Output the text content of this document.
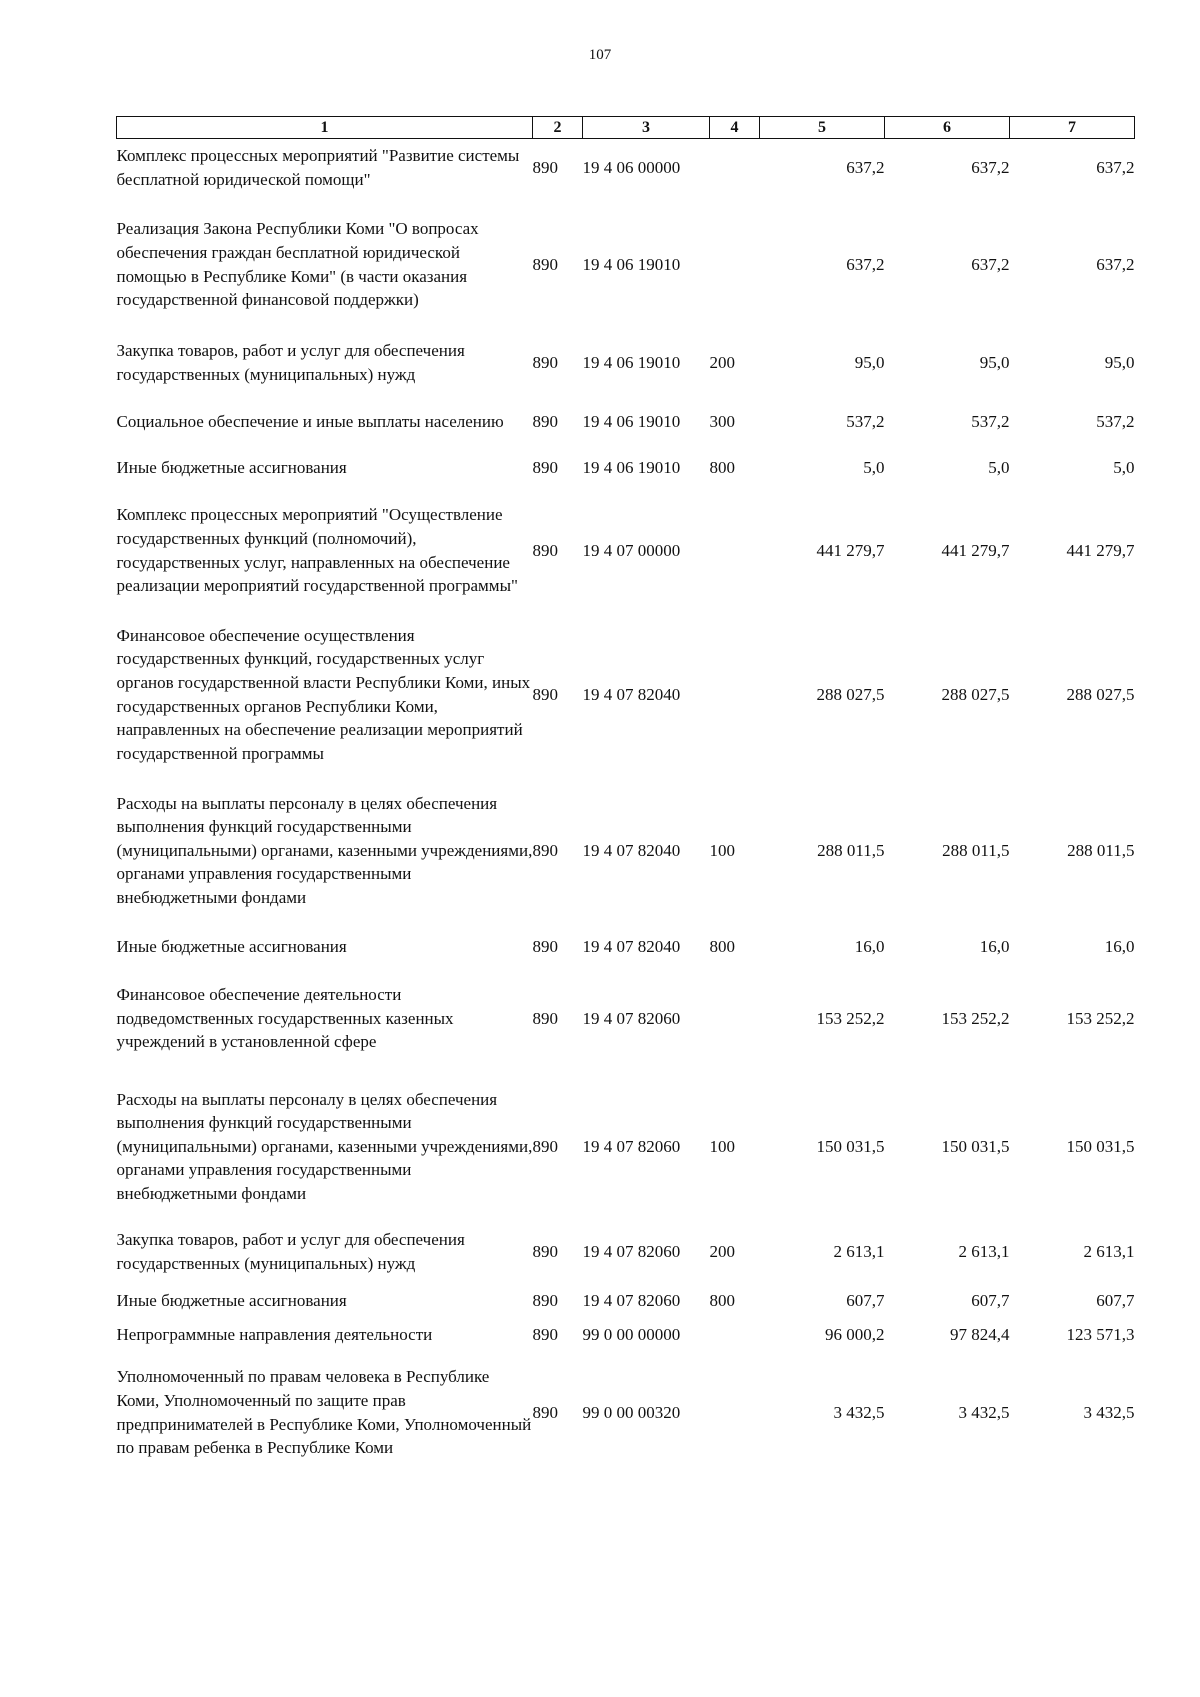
107
1	2	3	4	5	6	7
Комплекс процессных мероприятий "Развитие системы бесплатной юридической помощи"	890	19 4 06 00000		637,2	637,2	637,2
Реализация Закона Республики Коми "О вопросах обеспечения граждан бесплатной юридической помощью в Республике Коми" (в части оказания государственной финансовой поддержки)	890	19 4 06 19010		637,2	637,2	637,2
Закупка товаров, работ и услуг для обеспечения государственных (муниципальных) нужд	890	19 4 06 19010	200	95,0	95,0	95,0
Социальное обеспечение и иные выплаты населению	890	19 4 06 19010	300	537,2	537,2	537,2
Иные бюджетные ассигнования	890	19 4 06 19010	800	5,0	5,0	5,0
Комплекс процессных мероприятий "Осуществление государственных функций (полномочий), государственных услуг, направленных на обеспечение реализации мероприятий государственной программы"	890	19 4 07 00000		441 279,7	441 279,7	441 279,7
Финансовое обеспечение осуществления государственных функций, государственных услуг органов государственной власти Республики Коми, иных государственных органов Республики Коми, направленных на обеспечение реализации мероприятий государственной программы	890	19 4 07 82040		288 027,5	288 027,5	288 027,5
Расходы на выплаты персоналу в целях обеспечения выполнения функций государственными (муниципальными) органами, казенными учреждениями, органами управления государственными внебюджетными фондами	890	19 4 07 82040	100	288 011,5	288 011,5	288 011,5
Иные бюджетные ассигнования	890	19 4 07 82040	800	16,0	16,0	16,0
Финансовое обеспечение деятельности подведомственных государственных казенных учреждений в установленной сфере	890	19 4 07 82060		153 252,2	153 252,2	153 252,2
Расходы на выплаты персоналу в целях обеспечения выполнения функций государственными (муниципальными) органами, казенными учреждениями, органами управления государственными внебюджетными фондами	890	19 4 07 82060	100	150 031,5	150 031,5	150 031,5
Закупка товаров, работ и услуг для обеспечения государственных (муниципальных) нужд	890	19 4 07 82060	200	2 613,1	2 613,1	2 613,1
Иные бюджетные ассигнования	890	19 4 07 82060	800	607,7	607,7	607,7
Непрограммные направления деятельности	890	99 0 00 00000		96 000,2	97 824,4	123 571,3
Уполномоченный по правам человека в Республике Коми, Уполномоченный по защите прав предпринимателей в Республике Коми, Уполномоченный по правам ребенка в Республике Коми	890	99 0 00 00320		3 432,5	3 432,5	3 432,5
